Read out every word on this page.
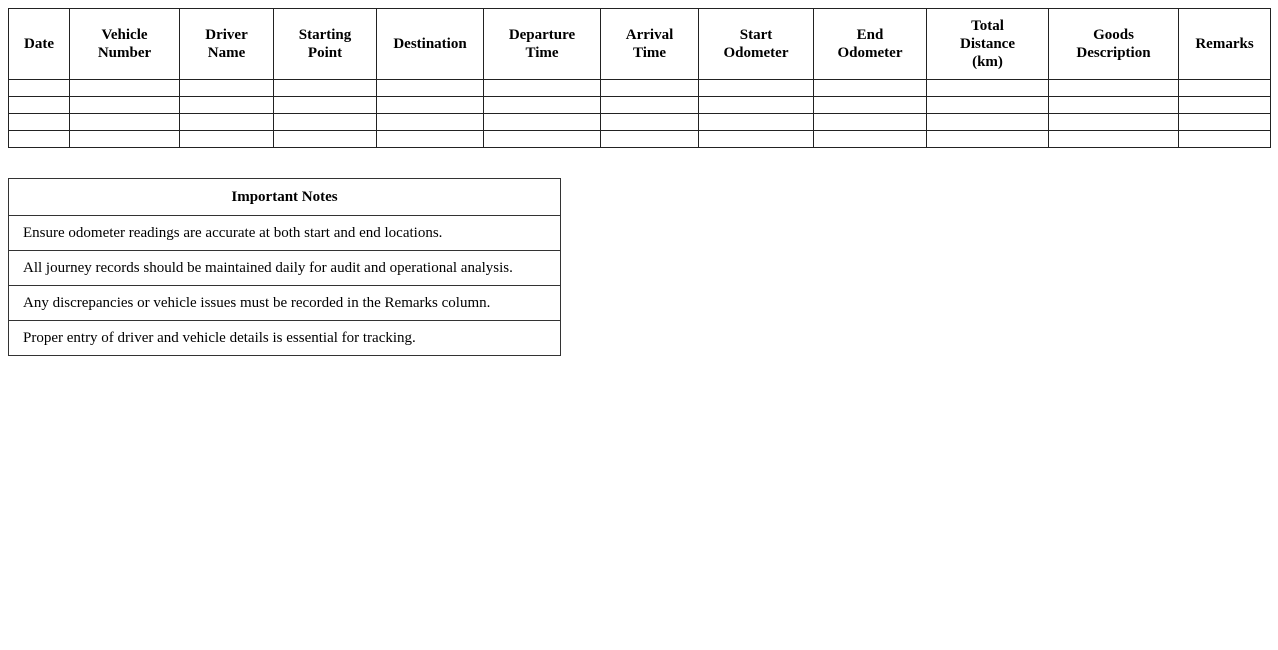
Date	Vehicle Number	Driver Name	Starting Point	Destination	Departure Time	Arrival Time	Start Odometer	End Odometer	Total Distance (km)	Goods Description	Remarks

Important Notes
Ensure odometer readings are accurate at both start and end locations.
All journey records should be maintained daily for audit and operational analysis.
Any discrepancies or vehicle issues must be recorded in the Remarks column.
Proper entry of driver and vehicle details is essential for tracking.
